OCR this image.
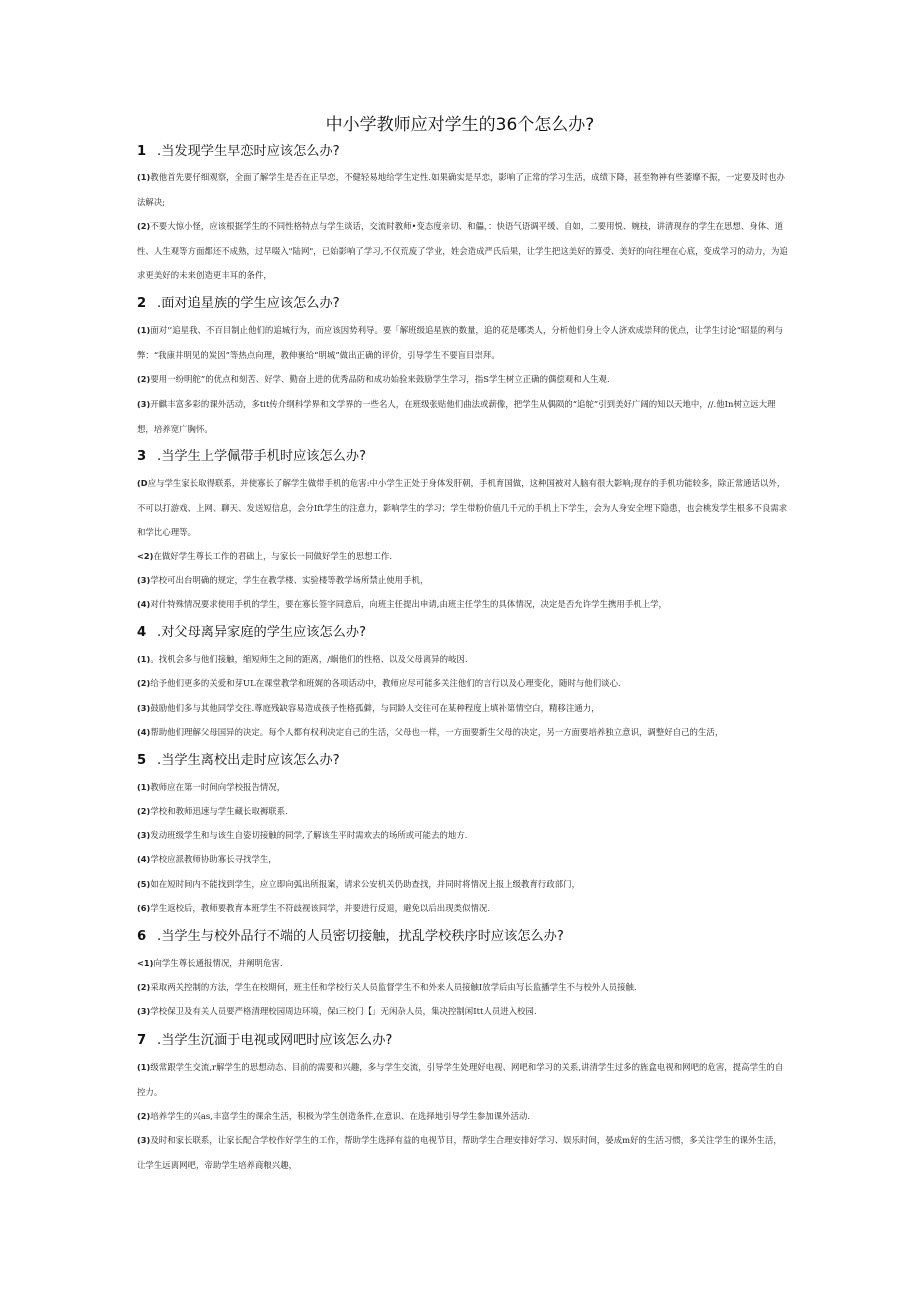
中小学教师应对学生的36个怎么办?
1 .当发现学生早恋时应该怎么办?
(1)教他首先要仔细观察，全面了解学生是否在正早恋，不健轻易地给学生定性.如果确实是早恋，影响了正常的学习生活，成绩下降，甚至物神有些萎靡不振，一定要及时也办法解决;
(2)不要大惊小怪，应该根据学生的不同性格特点与学生谈话，交流时教师•变态度亲切、和儡，：快语气语调平缓、自如，二要用悦、婉枝，讲清现存的学生在思想、身体、道性、人生观等方面都还不成熟，过早啜入"陆网"，已始影响了学习,不仅荒废了学业，姓会造成严氏后果，让学生把这美好的算受、美好的向往埋在心底，变成学习的动力，为追求更美好的未来创造更丰耳的条件，
2 .面对追星族的学生应该怎么办?
(1)面对'’追星我、不百目制止他们的追城行为，而应该因势利导。要「解班级追星族的数量，追的花是哪类人，分析他们身上令人济欢成崇拜的优点，让学生讨论“昭显的利与弊：“我康井明见的炭因”等热点向理，教伸裹给“明城”做出正确的评价，引导学生不要盲目崇拜。
(2)要用一纷明舵”的优点和刻苦、好学、勤奋上进的优秀品防和成功始验来鼓励学生学习，指S学生树立正确的偶偿观和人生观.
(3)开麒丰富多彩的课外活动，多tit传介纲科学界和文学界的一些名人，在班级张贴他们曲法或薪像，把学生从偶陨的“追鸵”引到美好广阔的知以天地中，//.他In树立远大理想，培养宽广胸怀。
3 .当学生上学佩带手机时应该怎么办?
(D应与学生家长取得联系，并使寡长了解学生做带手机的危害:中小学生正处于身体发肝朝，手机育国做，这种国被对人脑有很大影响;现存的手机功能较多，除正常通话以外，不可以打游戏、上网、聊天、发送短信息，会分Ift学生的注意力，影响学生的学习；学生带粉价值几千元的手机上下学生，会为人身安全埋下隐患，也会桃发学生根多不良需求和学比心理等。
<2)在做好学生尊长工作的君础上，与家长一同做好学生的思想工作.
(3)学校可出台明确的规定，学生在教学楼、实验楼等教学场所禁止使用手机，
(4)对什特殊情况要求使用手机的学生，要在寡长签字同意后，向班主任提出申请,由班主任学生的具体情况，决定是否允许学生携用手机上学，
4 .对父母离异家庭的学生应该怎么办?
(1)。找机会多与他们接触，缩短师生之间的距离，/蜗他们的性格、以及父母离异的岐因.
(2)给予他们更多的关爱和芽UL在课堂教学和班娓的各项话动中，教师应尽可能多关注他们的言行以及心理变化，随时与他们谈心.
(3)鼓励他们多与其他同学交往.尊庭残缺容易造成孩子性格孤僻，与同龄人交往可在某种程度上填补第情空白，精移注通力，
(4)帮助他们理解父母国异的决定。每个人都有权利决定自己的生活，父母也一样，一方面要新生父母的决定，另一方面要培养独立意识，调整好自己的生活，
5 .当学生离校出走时应该怎么办?
(1)教师应在第一时间向学校报告情况，
(2)学校和教师迅速与学生藏长取褥联系.
(3)发动班级学生和与该生自姿切接触的同学,了解该生平时需欢去的场所或可能去的地方.
(4)学校应派教师协助寡长寻找学生，
(5)如在短时间内不能找到学生，应立即向弧出所报案，请求公安机关仍助查找，并同时将情况上报上级教育行政部门，
(6)学生返校后，教师要教育本班学生不符歧视该同学，并要进行反退，避免以后出现类似情况.
6 .当学生与校外品行不端的人员密切接触，扰乱学校秩序时应该怎么办?
<1)向学生尊长通报情况，并阐明危害.
(2)采取两关控制的方法，学生在校期何，班主任和学校行关人员监督学生不和外来人员接触I放学后由写长监播学生不与校外人员接触.
(3)学校保卫及有关人员要严格清理校园周边环境，保i三校门【」无闲杂人员，集决控制闲Itt人员进入校园.
7 .当学生沉湎于电视或网吧时应该怎么办?
(1)级常跟学生交流,r解学生的思想动态、目前的需要和兴趣，多与学生交流，引导学生处理好电视、网吧和学习的关系,讲清学生过多的旌盒电视和网吧的危害，提高学生的自控力。
(2)培养学生的兴as,丰富学生的课余生活，积极为学生创造条件,在意识、在选择地引导学生参加课外活动.
(3)及时和家长联系，让家长配合学校作好学生的工作，帮助学生选择有益的电视节目，帮助学生合理安排好学习、娱乐时间，晏成m好的生活习惯，多关注学生的课外生活，让学生远离网吧，帝助学生培养商粮兴趣，
